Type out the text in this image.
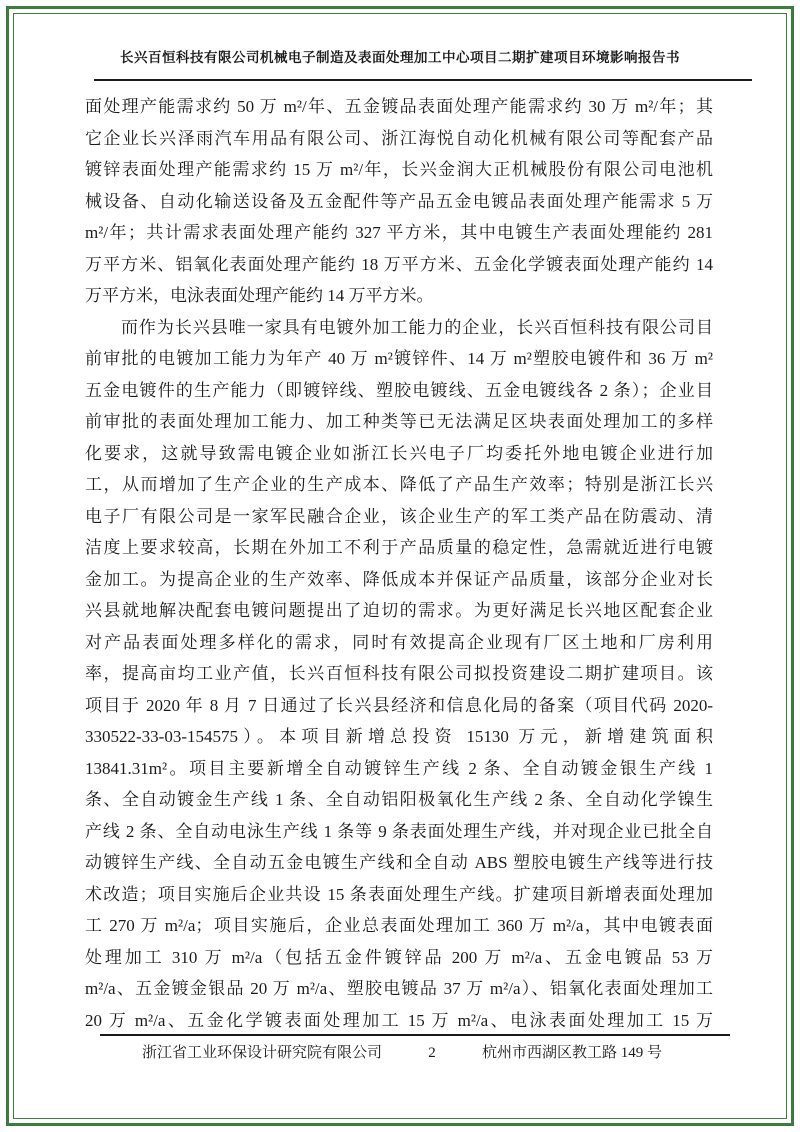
长兴百恒科技有限公司机械电子制造及表面处理加工中心项目二期扩建项目环境影响报告书
面处理产能需求约 50 万 m²/年、五金镀品表面处理产能需求约 30 万 m²/年；其
它企业长兴泽雨汽车用品有限公司、浙江海悦自动化机械有限公司等配套产品
镀锌表面处理产能需求约 15 万 m²/年，长兴金润大正机械股份有限公司电池机
械设备、自动化输送设备及五金配件等产品五金电镀品表面处理产能需求 5 万
m²/年；共计需求表面处理产能约 327 平方米，其中电镀生产表面处理能约 281
万平方米、铝氧化表面处理产能约 18 万平方米、五金化学镀表面处理产能约 14
万平方米，电泳表面处理产能约 14 万平方米。
　　而作为长兴县唯一家具有电镀外加工能力的企业，长兴百恒科技有限公司目
前审批的电镀加工能力为年产 40 万 m²镀锌件、14 万 m²塑胶电镀件和 36 万 m²
五金电镀件的生产能力（即镀锌线、塑胶电镀线、五金电镀线各 2 条）；企业目
前审批的表面处理加工能力、加工种类等已无法满足区块表面处理加工的多样
化要求，这就导致需电镀企业如浙江长兴电子厂均委托外地电镀企业进行加
工，从而增加了生产企业的生产成本、降低了产品生产效率；特别是浙江长兴
电子厂有限公司是一家军民融合企业，该企业生产的军工类产品在防震动、清
洁度上要求较高，长期在外加工不利于产品质量的稳定性，急需就近进行电镀
金加工。为提高企业的生产效率、降低成本并保证产品质量，该部分企业对长
兴县就地解决配套电镀问题提出了迫切的需求。为更好满足长兴地区配套企业
对产品表面处理多样化的需求，同时有效提高企业现有厂区土地和厂房利用
率，提高亩均工业产值，长兴百恒科技有限公司拟投资建设二期扩建项目。该
项目于 2020 年 8 月 7 日通过了长兴县经济和信息化局的备案（项目代码 2020-
330522-33-03-154575）。本项目新增总投资 15130 万元，新增建筑面积
13841.31m²。项目主要新增全自动镀锌生产线 2 条、全自动镀金银生产线 1
条、全自动镀金生产线 1 条、全自动铝阳极氧化生产线 2 条、全自动化学镍生
产线 2 条、全自动电泳生产线 1 条等 9 条表面处理生产线，并对现企业已批全自
动镀锌生产线、全自动五金电镀生产线和全自动 ABS 塑胶电镀生产线等进行技
术改造；项目实施后企业共设 15 条表面处理生产线。扩建项目新增表面处理加
工 270 万 m²/a；项目实施后，企业总表面处理加工 360 万 m²/a，其中电镀表面
处理加工 310 万 m²/a（包括五金件镀锌品 200 万 m²/a、五金电镀品 53 万
m²/a、五金镀金银品 20 万 m²/a、塑胶电镀品 37 万 m²/a）、铝氧化表面处理加工
20 万 m²/a、五金化学镀表面处理加工 15 万 m²/a、电泳表面处理加工 15 万
浙江省工业环保设计研究院有限公司	2	杭州市西湖区教工路 149 号
